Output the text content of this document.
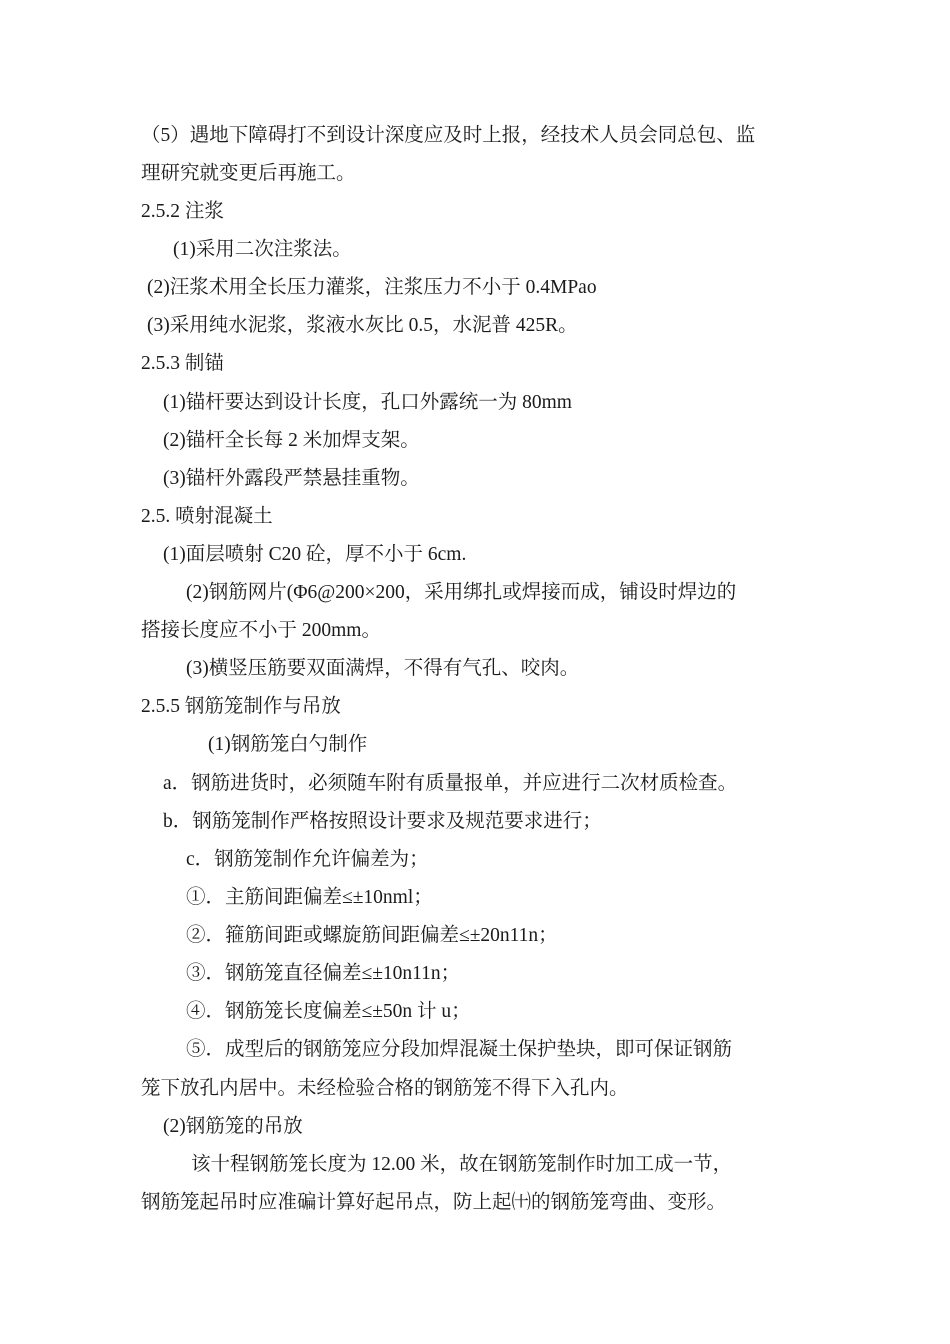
（5）遇地下障碍打不到设计深度应及时上报，经技术人员会同总包、监
理研究就变更后再施工。
2.5.2 注浆
(1)采用二次注浆法。
(2)汪浆术用全长压力灌浆，注浆压力不小于 0.4MPao
(3)采用纯水泥浆，浆液水灰比 0.5，水泥普 425R。
2.5.3 制锚
(1)锚杆要达到设计长度，孔口外露统一为 80mm
(2)锚杆全长每 2 米加焊支架。
(3)锚杆外露段严禁悬挂重物。
2.5. 喷射混凝土
(1)面层喷射 C20 砼，厚不小于 6cm.
(2)钢筋网片(Φ6@200×200，采用绑扎或焊接而成，铺设时焊边的
搭接长度应不小于 200mm。
(3)横竖压筋要双面满焊，不得有气孔、咬肉。
2.5.5 钢筋笼制作与吊放
(1)钢筋笼白勺制作
a．钢筋进货时，必须随车附有质量报单，并应进行二次材质检查。
b．钢筋笼制作严格按照设计要求及规范要求进行；
c．钢筋笼制作允许偏差为；
①．主筋间距偏差≤±10nml；
②．箍筋间距或螺旋筋间距偏差≤±20n11n；
③．钢筋笼直径偏差≤±10n11n；
④．钢筋笼长度偏差≤±50n 计 u；
⑤．成型后的钢筋笼应分段加焊混凝土保护垫块，即可保证钢筋
笼下放孔内居中。未经检验合格的钢筋笼不得下入孔内。
(2)钢筋笼的吊放
该十程钢筋笼长度为 12.00 米，故在钢筋笼制作时加工成一节，
钢筋笼起吊时应准碥计算好起吊点，防上起㈩的钢筋笼弯曲、变形。
